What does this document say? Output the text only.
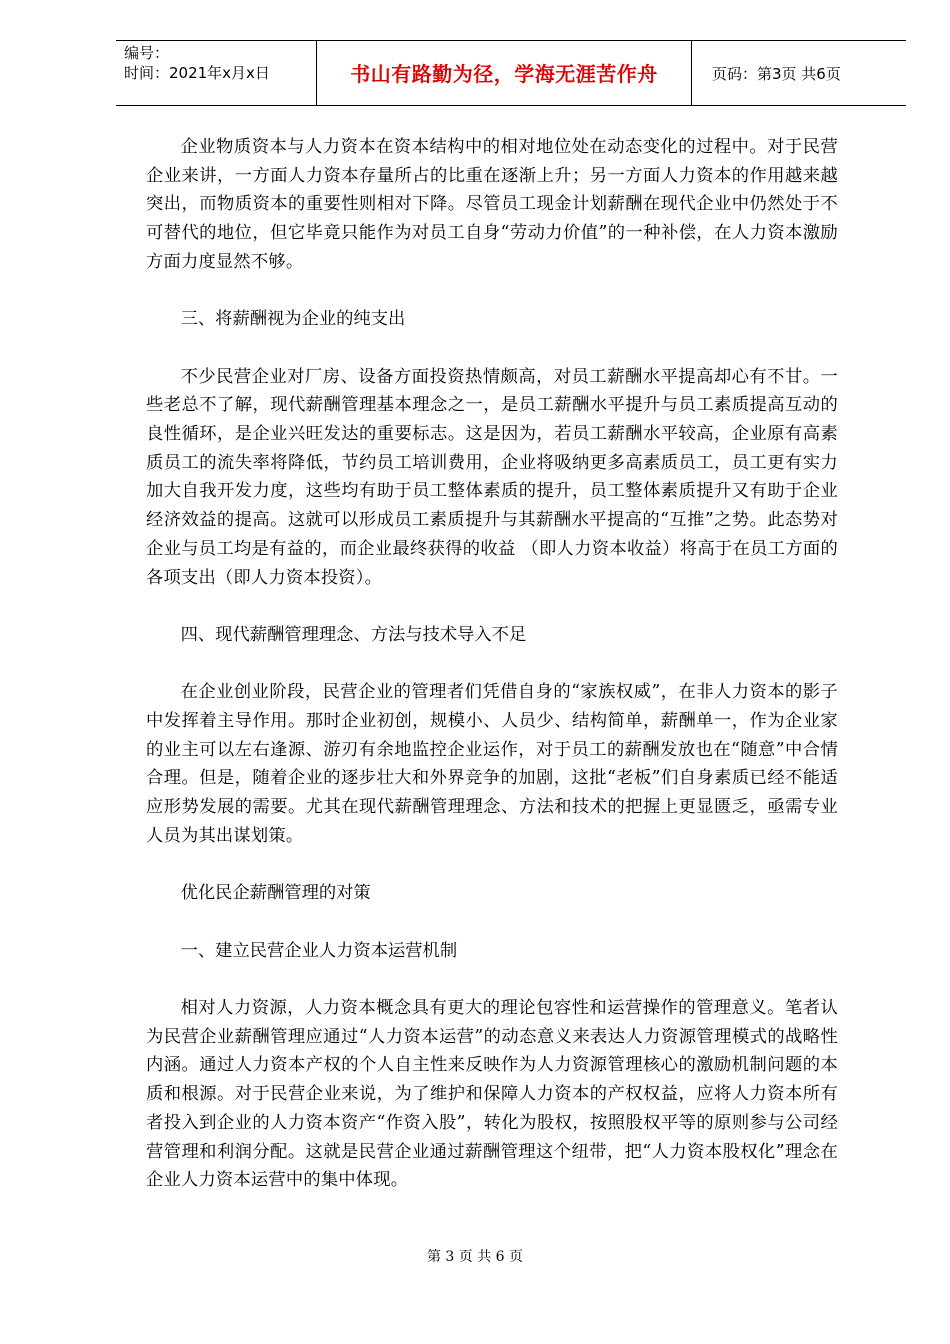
编号：
时间：2021年x月x日	书山有路勤为径，学海无涯苦作舟	页码：第3页 共6页

企业物质资本与人力资本在资本结构中的相对地位处在动态变化的过程中。对于民营企业来讲，一方面人力资本存量所占的比重在逐渐上升；另一方面人力资本的作用越来越突出，而物质资本的重要性则相对下降。尽管员工现金计划薪酬在现代企业中仍然处于不可替代的地位，但它毕竟只能作为对员工自身“劳动力价值”的一种补偿，在人力资本激励方面力度显然不够。

三、将薪酬视为企业的纯支出

不少民营企业对厂房、设备方面投资热情颇高，对员工薪酬水平提高却心有不甘。一些老总不了解，现代薪酬管理基本理念之一，是员工薪酬水平提升与员工素质提高互动的良性循环，是企业兴旺发达的重要标志。这是因为，若员工薪酬水平较高，企业原有高素质员工的流失率将降低，节约员工培训费用，企业将吸纳更多高素质员工，员工更有实力加大自我开发力度，这些均有助于员工整体素质的提升，员工整体素质提升又有助于企业经济效益的提高。这就可以形成员工素质提升与其薪酬水平提高的“互推”之势。此态势对企业与员工均是有益的，而企业最终获得的收益 （即人力资本收益）将高于在员工方面的各项支出（即人力资本投资）。

四、现代薪酬管理理念、方法与技术导入不足

在企业创业阶段，民营企业的管理者们凭借自身的“家族权威”，在非人力资本的影子中发挥着主导作用。那时企业初创，规模小、人员少、结构简单，薪酬单一，作为企业家的业主可以左右逢源、游刃有余地监控企业运作，对于员工的薪酬发放也在“随意”中合情合理。但是，随着企业的逐步壮大和外界竞争的加剧，这批“老板”们自身素质已经不能适应形势发展的需要。尤其在现代薪酬管理理念、方法和技术的把握上更显匮乏，亟需专业人员为其出谋划策。

优化民企薪酬管理的对策

一、建立民营企业人力资本运营机制

相对人力资源，人力资本概念具有更大的理论包容性和运营操作的管理意义。笔者认为民营企业薪酬管理应通过“人力资本运营”的动态意义来表达人力资源管理模式的战略性内涵。通过人力资本产权的个人自主性来反映作为人力资源管理核心的激励机制问题的本质和根源。对于民营企业来说，为了维护和保障人力资本的产权权益，应将人力资本所有者投入到企业的人力资本资产“作资入股”，转化为股权，按照股权平等的原则参与公司经营管理和利润分配。这就是民营企业通过薪酬管理这个纽带，把“人力资本股权化”理念在企业人力资本运营中的集中体现。

第 3 页 共 6 页
